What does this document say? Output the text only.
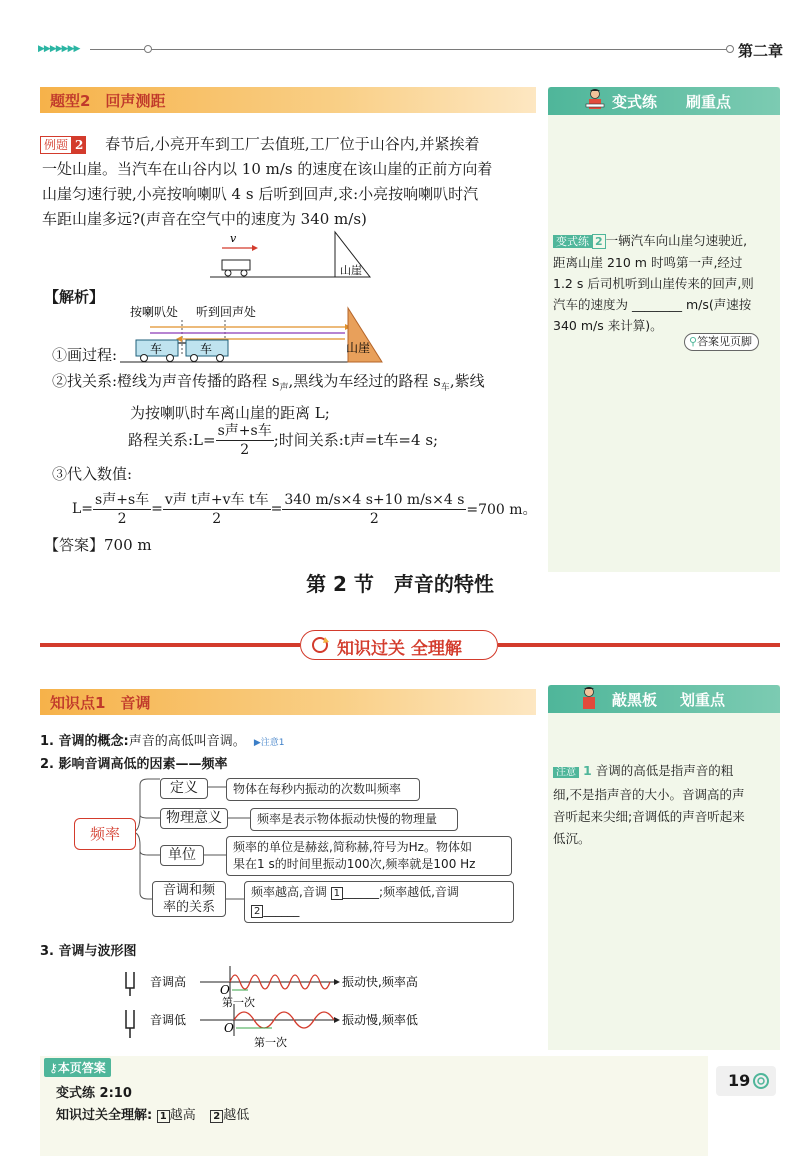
▶▶▶▶▶▶▶	第二章
题型2　回声测距
例题 2 春节后,小亮开车到工厂去值班,工厂位于山谷内,并紧挨着
一处山崖。当汽车在山谷内以 10 m/s 的速度在该山崖的正前方向着
山崖匀速行驶,小亮按响喇叭 4 s 后听到回声,求:小亮按响喇叭时汽
车距山崖多远?(声音在空气中的速度为 340 m/s)
v
山崖
【解析】
按喇叭处 听到回声处
车	车	山崖
①画过程:
②找关系:橙线为声音传播的路程 $s_声$,黑线为车经过的路程 $s_车$,紫线
为按喇叭时车离山崖的距离 L;
路程关系:L= $\frac{\text{s声+s车}}{2}$ ;时间关系:t声=t车=4 s;
③代入数值:
$L= \frac{\text{s声+s车}}{2} = \frac{\text{v声 t声+v车 t车}}{2} = \frac{340 m/s\times 4 s+10 m/s\times 4 s}{2} =700$ m。
【答案】700 m
变式练 刷重点
变式练 2 一辆汽车向山崖匀速驶近,
距离山崖 210 m 时鸣第一声,经过
1.2 s 后司机听到山崖传来的回声,则
汽车的速度为 ________ m/s(声速按
340 m/s 来计算)。
⚲答案见页脚
第 2 节　声音的特性
知识过关 全理解
知识点1　音调
1. 音调的概念:声音的高低叫音调。 ▶注意1
2. 影响音调高低的因素——频率
频率
定义	物体在每秒内振动的次数叫频率
物理意义	频率是表示物体振动快慢的物理量
单位	频率的单位是赫兹,简称赫,符号为Hz。物体如
果在1 s的时间里振动100次,频率就是100 Hz
音调和频
率的关系
频率越高,音调 1 ______;频率越低,音调
2 ______
3. 音调与波形图
音调高
O
第一次
振动快,频率高
音调低
O
第一次
振动慢,频率低
敲黑板 划重点
注意 1 音调的高低是指声音的粗
细,不是指声音的大小。音调高的声
音听起来尖细;音调低的声音听起来
低沉。
⚷本页答案
变式练 2:10
知识过关全理解: 1 越高 2 越低
19
